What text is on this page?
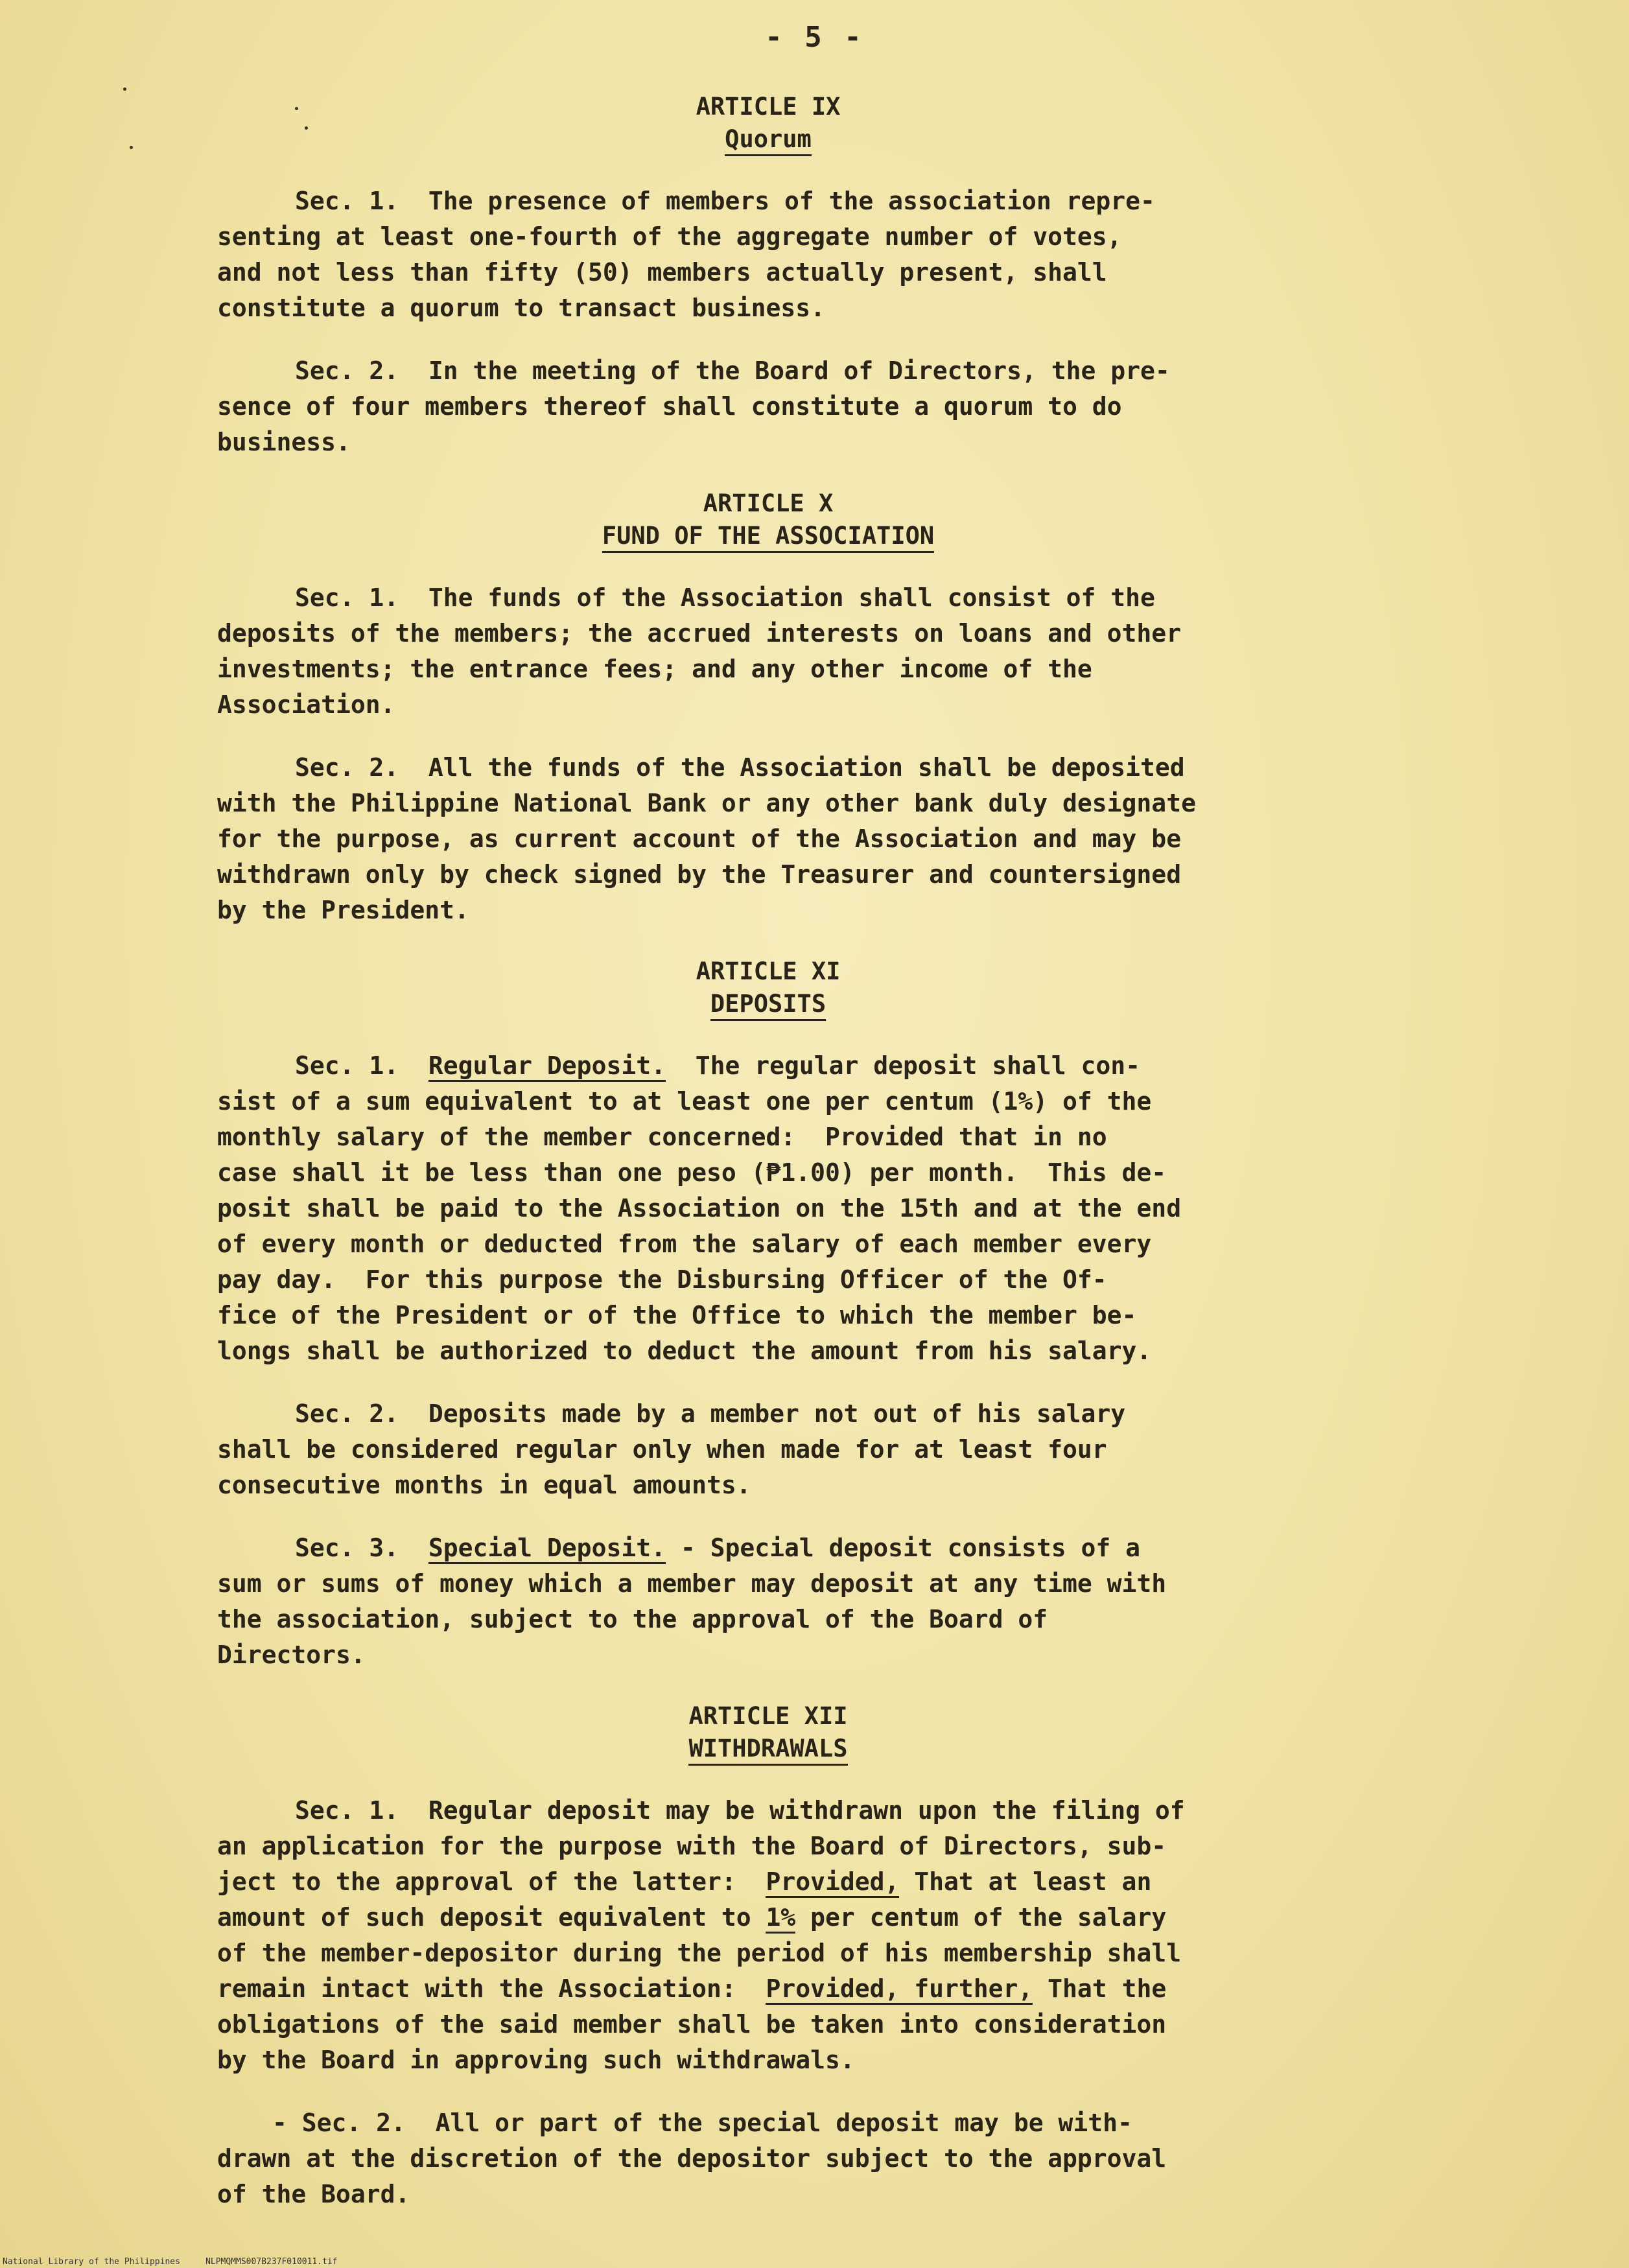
- 5 -
ARTICLE IX
Quorum

Sec. 1.  The presence of members of the association repre-

senting at least one-fourth of the aggregate number of votes,

and not less than fifty (50) members actually present, shall

constitute a quorum to transact business.

Sec. 2.  In the meeting of the Board of Directors, the pre-

sence of four members thereof shall constitute a quorum to do

business.

ARTICLE X
FUND OF THE ASSOCIATION

Sec. 1.  The funds of the Association shall consist of the

deposits of the members; the accrued interests on loans and other

investments; the entrance fees; and any other income of the

Association.

Sec. 2.  All the funds of the Association shall be deposited

with the Philippine National Bank or any other bank duly designate

for the purpose, as current account of the Association and may be

withdrawn only by check signed by the Treasurer and countersigned

by the President.

ARTICLE XI
DEPOSITS

Sec. 1.  Regular Deposit.  The regular deposit shall con-

sist of a sum equivalent to at least one per centum (1%) of the

monthly salary of the member concerned:  Provided that in no

case shall it be less than one peso (₱1.00) per month.  This de-

posit shall be paid to the Association on the 15th and at the end

of every month or deducted from the salary of each member every

pay day.  For this purpose the Disbursing Officer of the Of-

fice of the President or of the Office to which the member be-

longs shall be authorized to deduct the amount from his salary.

Sec. 2.  Deposits made by a member not out of his salary

shall be considered regular only when made for at least four

consecutive months in equal amounts.

Sec. 3.  Special Deposit. - Special deposit consists of a

sum or sums of money which a member may deposit at any time with

the association, subject to the approval of the Board of

Directors.

ARTICLE XII
WITHDRAWALS

Sec. 1.  Regular deposit may be withdrawn upon the filing of

an application for the purpose with the Board of Directors, sub-

ject to the approval of the latter:  Provided, That at least an

amount of such deposit equivalent to 1% per centum of the salary

of the member-depositor during the period of his membership shall

remain intact with the Association:  Provided, further, That the

obligations of the said member shall be taken into consideration

by the Board in approving such withdrawals.

- Sec. 2.  All or part of the special deposit may be with-

drawn at the discretion of the depositor subject to the approval

of the Board.

National Library of the Philippines     NLPMQMMS007B237F010011.tif
